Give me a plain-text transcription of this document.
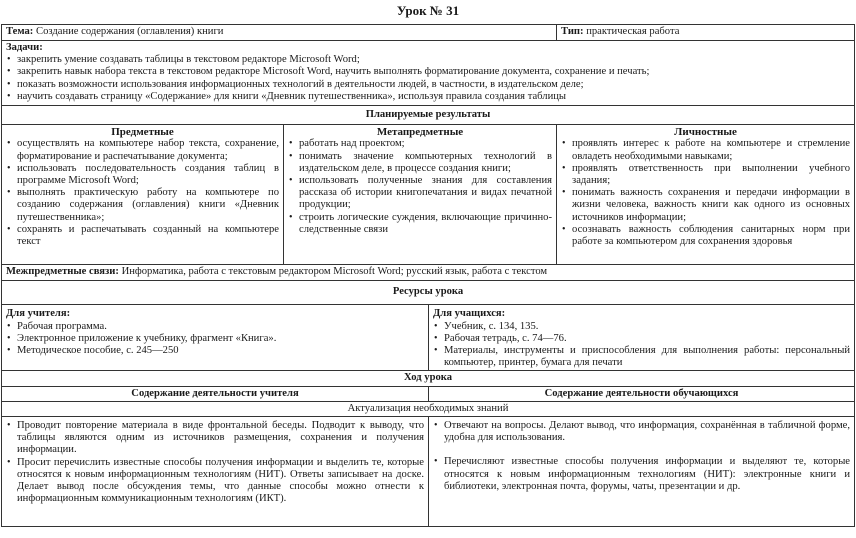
Урок № 31
Тема: Создание содержания (оглавления) книги			Тип: практическая работа

Задачи:
• закрепить умение создавать таблицы в текстовом редакторе Microsoft Word;
• закрепить навык набора текста в текстовом редакторе Microsoft Word, научить выполнять форматирование документа, сохранение и печать;
• показать возможности использования информационных технологий в деятельности людей, в частности, в издательском деле;
• научить создавать страницу «Содержание» для книги «Дневник путешественника», используя правила создания таблицы

Планируемые результаты			

Предметные
• осуществлять на компьютере набор текста, сохранение, форматирование и распечатывание документа;
• использовать последовательность создания таблиц в программе Microsoft Word;
• выполнять практическую работу на компьютере по созданию содержания (оглавления) книги «Дневник путешественника»;
• сохранять и распечатывать созданный на компьютере текст

Метапредметные
• работать над проектом;
• понимать значение компьютерных технологий в издательском деле, в процессе создания книги;
• использовать полученные знания для составления рассказа об истории книгопечатания и видах печатной продукции;
• строить логические суждения, включающие причинно-следственные связи

Личностные
• проявлять интерес к работе на компьютере и стремление овладеть необходимыми навыками;
• проявлять ответственность при выполнении учебного задания;
• понимать важность сохранения и передачи информации в жизни человека, важность книги как одного из основных источников информации;
• осознавать важность соблюдения санитарных норм при работе за компьютером для сохранения здоровья

Межпредметные связи: Информатика, работа с текстовым редактором Microsoft Word; русский язык, работа с текстом			
Ресурсы урока			

Для учителя:
• Рабочая программа.
• Электронное приложение к учебнику, фрагмент «Книга».
• Методическое пособие, с. 245—250

Для учащихся:
• Учебник, с. 134, 135.
• Рабочая тетрадь, с. 74—76.
• Материалы, инструменты и приспособления для выполнения работы: персональный компьютер, принтер, бумага для печати

Ход урока			
Содержание деятельности учителя		Содержание деятельности обучающихся	
Актуализация необходимых знаний			

• Проводит повторение материала в виде фронтальной беседы. Подводит к выводу, что таблицы являются одним из источников размещения, сохранения и получения информации.
• Просит перечислить известные способы получения информации и выделить те, которые относятся к новым информационным технологиям (НИТ). Ответы записывает на доске. Делает вывод после обсуждения темы, что данные способы можно отнести к информационным коммуникационным технологиям (ИКТ).

• Отвечают на вопросы. Делают вывод, что информация, сохранённая в табличной форме, удобна для использования.
• Перечисляют известные способы получения информации и выделяют те, которые относятся к новым информационным технологиям (НИТ): электронные книги и библиотеки, электронная почта, форумы, чаты, презентации и др.
